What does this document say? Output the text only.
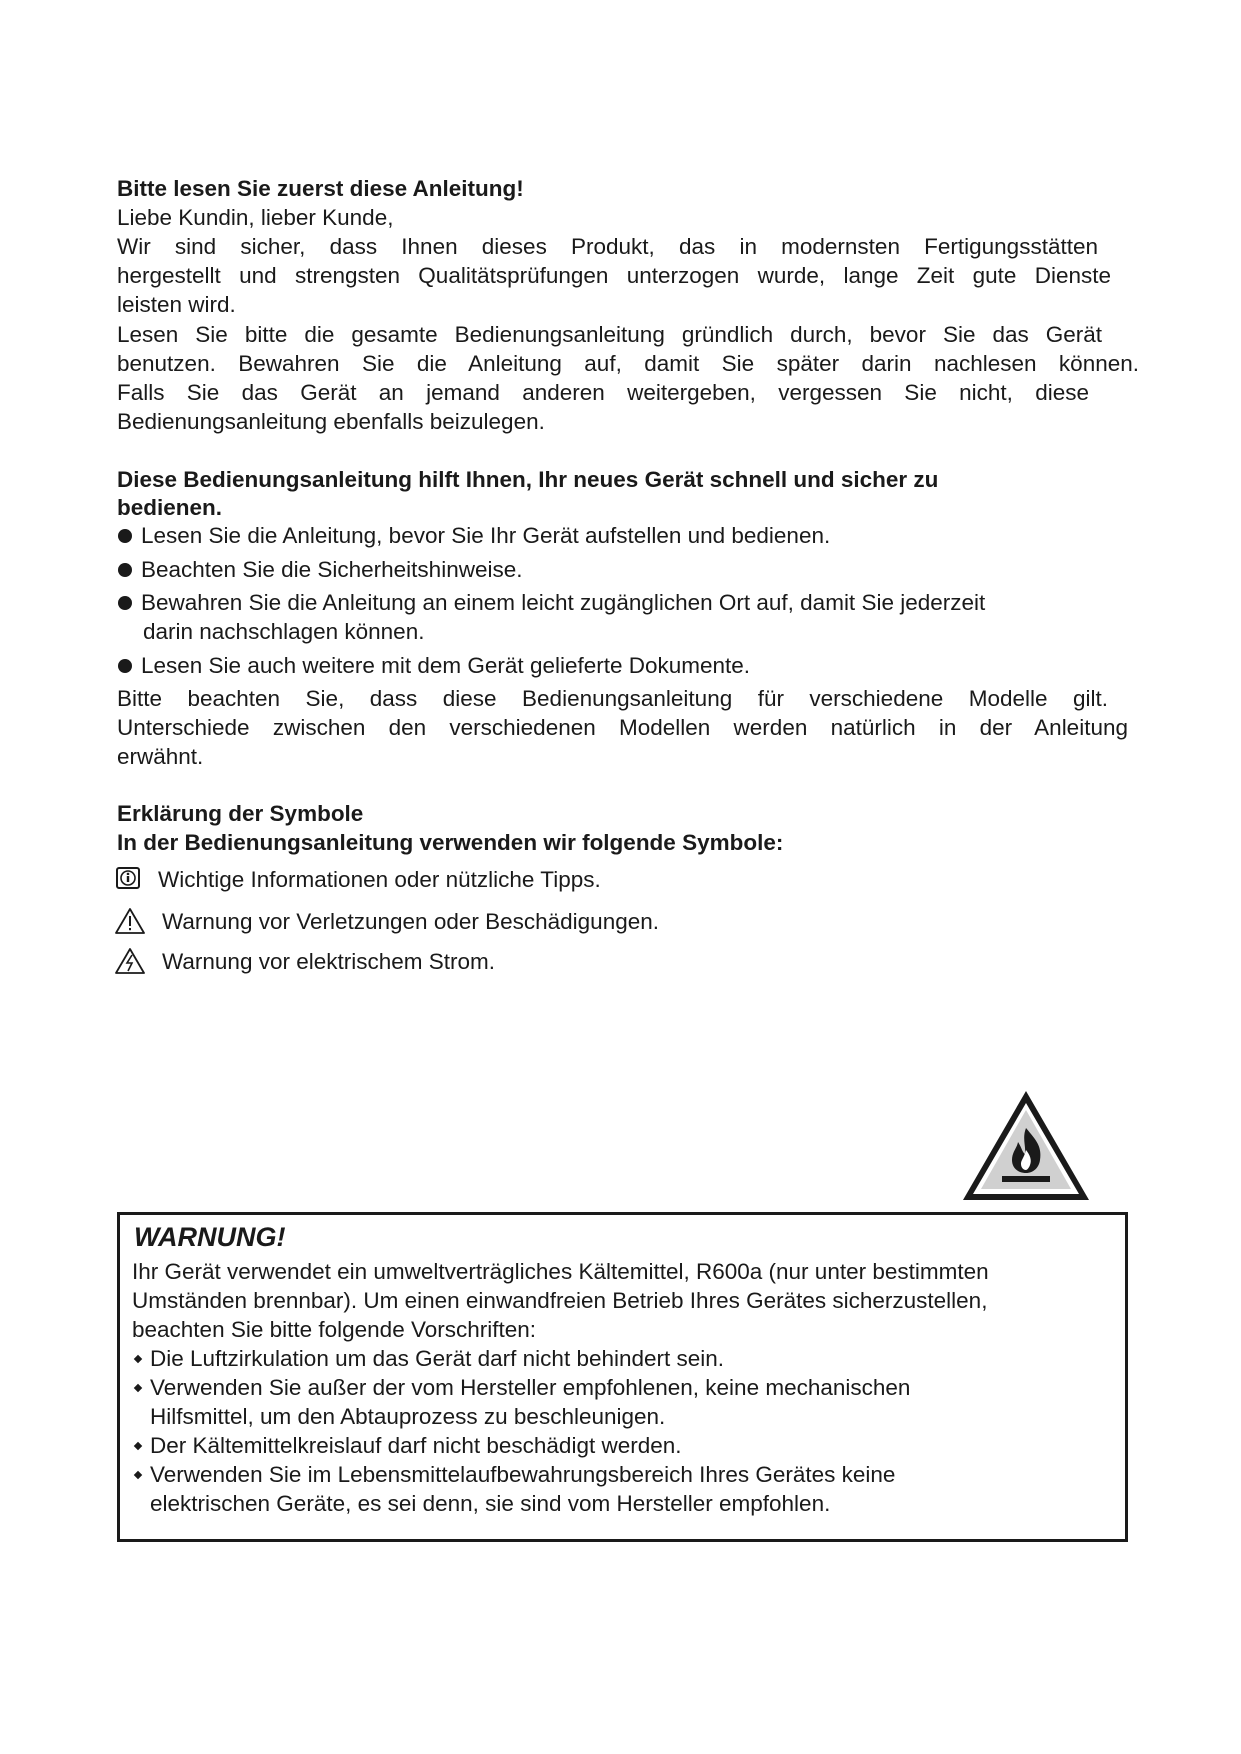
Bitte lesen Sie zuerst diese Anleitung!
Liebe Kundin, lieber Kunde,
Wir sind sicher, dass Ihnen dieses Produkt, das in modernsten Fertigungsstätten
hergestellt und strengsten Qualitätsprüfungen unterzogen wurde, lange Zeit gute Dienste
leisten wird.
Lesen Sie bitte die gesamte Bedienungsanleitung gründlich durch, bevor Sie das Gerät
benutzen. Bewahren Sie die Anleitung auf, damit Sie später darin nachlesen können.
Falls Sie das Gerät an jemand anderen weitergeben, vergessen Sie nicht, diese
Bedienungsanleitung ebenfalls beizulegen.
Diese Bedienungsanleitung hilft Ihnen, Ihr neues Gerät schnell und sicher zu
bedienen.
Lesen Sie die Anleitung, bevor Sie Ihr Gerät aufstellen und bedienen.
Beachten Sie die Sicherheitshinweise.
Bewahren Sie die Anleitung an einem leicht zugänglichen Ort auf, damit Sie jederzeit
darin nachschlagen können.
Lesen Sie auch weitere mit dem Gerät gelieferte Dokumente.
Bitte beachten Sie, dass diese Bedienungsanleitung für verschiedene Modelle gilt.
Unterschiede zwischen den verschiedenen Modellen werden natürlich in der Anleitung
erwähnt.
Erklärung der Symbole
In der Bedienungsanleitung verwenden wir folgende Symbole:
Wichtige Informationen oder nützliche Tipps.
Warnung vor Verletzungen oder Beschädigungen.
Warnung vor elektrischem Strom.
WARNUNG!
Ihr Gerät verwendet ein umweltverträgliches Kältemittel, R600a (nur unter bestimmten
Umständen brennbar). Um einen einwandfreien Betrieb Ihres Gerätes sicherzustellen,
beachten Sie bitte folgende Vorschriften:
Die Luftzirkulation um das Gerät darf nicht behindert sein.
Verwenden Sie außer der vom Hersteller empfohlenen, keine mechanischen
Hilfsmittel, um den Abtauprozess zu beschleunigen.
Der Kältemittelkreislauf darf nicht beschädigt werden.
Verwenden Sie im Lebensmittelaufbewahrungsbereich Ihres Gerätes keine
elektrischen Geräte, es sei denn, sie sind vom Hersteller empfohlen.
